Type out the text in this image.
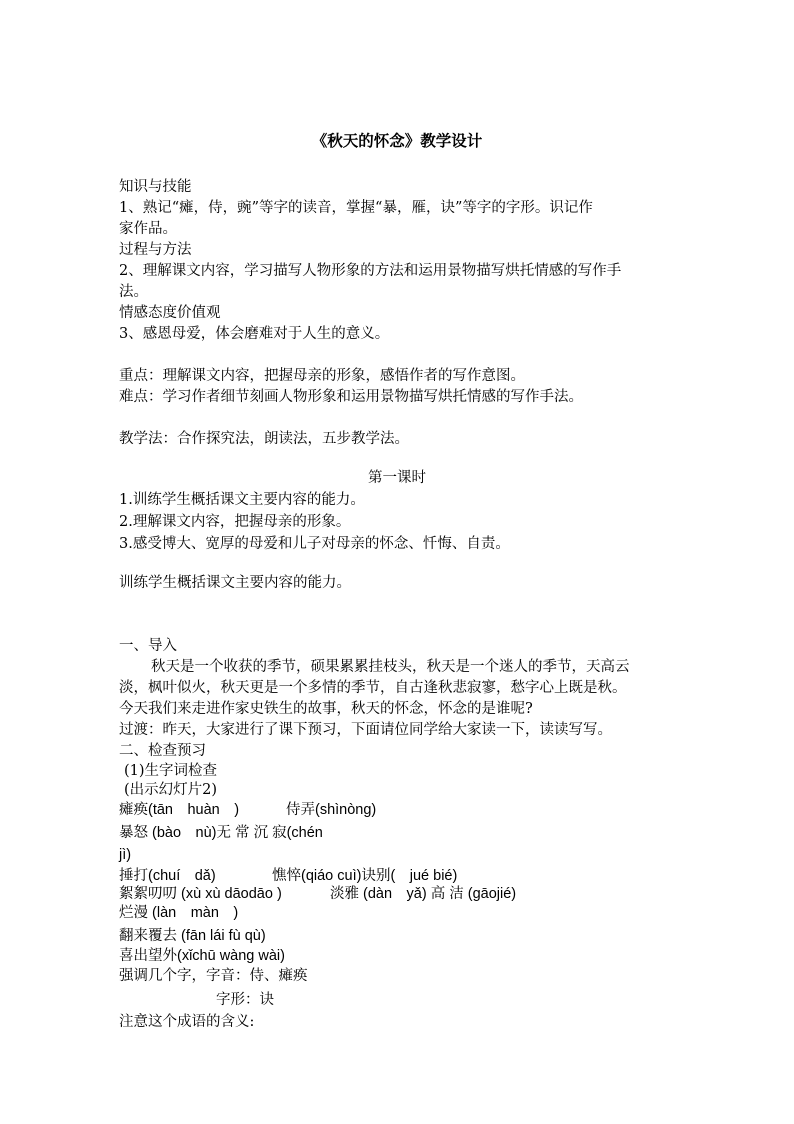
《秋天的怀念》教学设计
知识与技能
1、熟记“瘫，侍，豌”等字的读音，掌握“暴，雁，诀”等字的字形。识记作
家作品。
过程与方法
2、理解课文内容，学习描写人物形象的方法和运用景物描写烘托情感的写作手
法。
情感态度价值观
3、感恩母爱，体会磨难对于人生的意义。
重点：理解课文内容，把握母亲的形象，感悟作者的写作意图。
难点：学习作者细节刻画人物形象和运用景物描写烘托情感的写作手法。
教学法：合作探究法，朗读法，五步教学法。
第一课时
1.训练学生概括课文主要内容的能力。
2.理解课文内容，把握母亲的形象。
3.感受博大、宽厚的母爱和儿子对母亲的怀念、忏悔、自责。
训练学生概括课文主要内容的能力。
一、导入
秋天是一个收获的季节，硕果累累挂枝头，秋天是一个迷人的季节，天高云
淡，枫叶似火，秋天更是一个多情的季节，自古逢秋悲寂寥，愁字心上既是秋。
今天我们来走进作家史铁生的故事，秋天的怀念，怀念的是谁呢?
过渡：昨天，大家进行了课下预习，下面请位同学给大家读一下，读读写写。
二、检查预习
(1)生字词检查
(出示幻灯片2)
瘫痪(tān　huàn　)	侍弄(shìnòng)
暴怒 (bào　nù)无 常 沉 寂(chén
jì)
捶打(chuí　dǎ)	憔悴(qiáo cuì)诀别(　jué bié)
絮絮叨叨 (xù xù dāodāo )	淡雅 (dàn　yǎ) 高 洁 (gāojié)
烂漫 (làn　màn　)
翻来覆去 (fān lái fù qù)
喜出望外(xǐchū wàng wài)
强调几个字，字音：侍、瘫痪
字形：诀
注意这个成语的含义:
